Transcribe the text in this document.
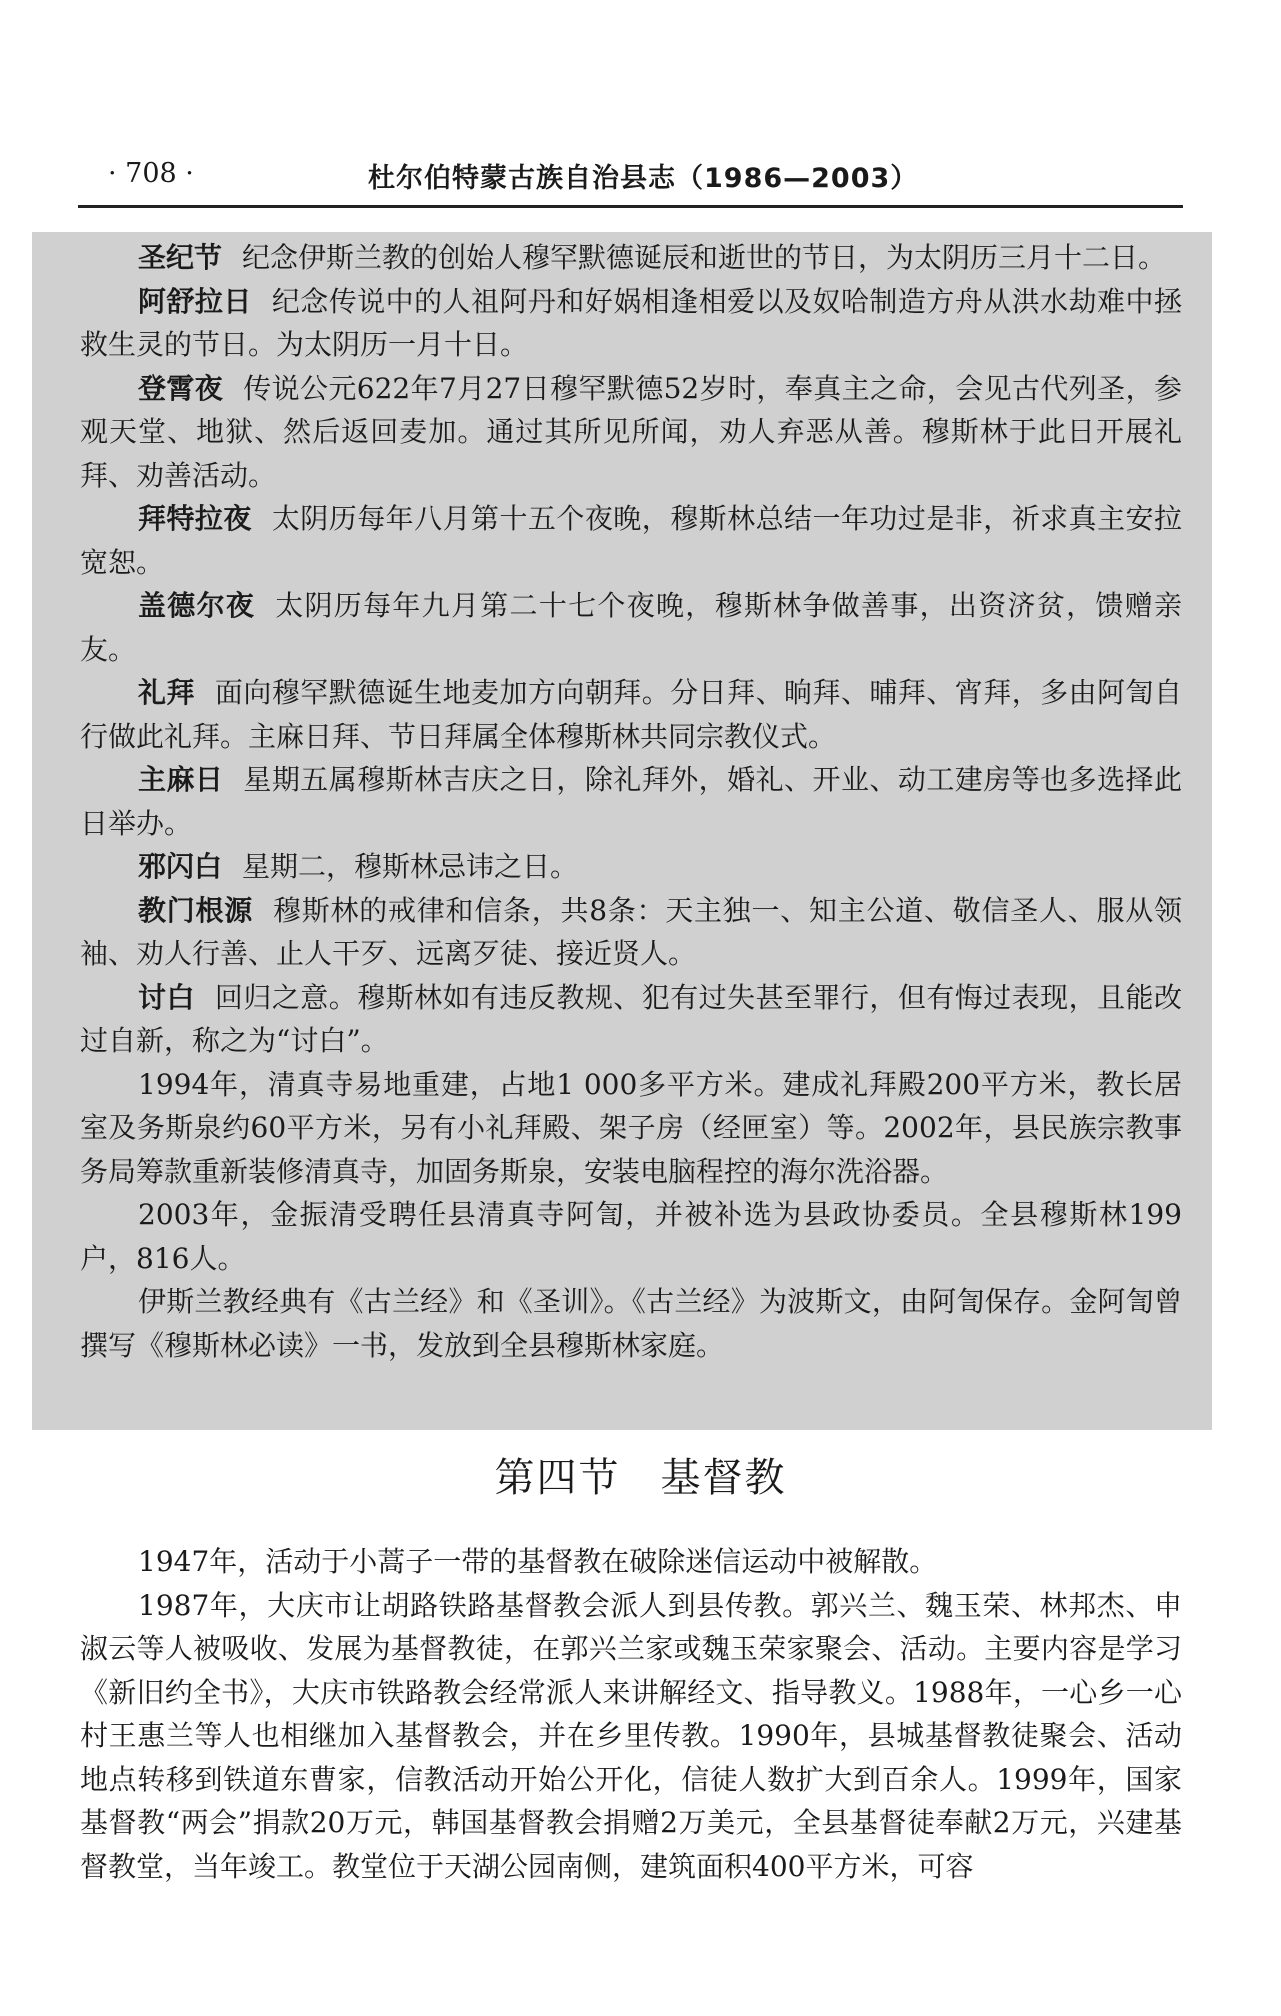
· 708 ·	杜尔伯特蒙古族自治县志（1986—2003）

圣纪节 纪念伊斯兰教的创始人穆罕默德诞辰和逝世的节日，为太阴历三月十二日。

阿舒拉日 纪念传说中的人祖阿丹和好娲相逢相爱以及奴哈制造方舟从洪水劫难中拯救生灵的节日。为太阴历一月十日。

登霄夜 传说公元622年7月27日穆罕默德52岁时，奉真主之命，会见古代列圣，参观天堂、地狱、然后返回麦加。通过其所见所闻，劝人弃恶从善。穆斯林于此日开展礼拜、劝善活动。

拜特拉夜 太阴历每年八月第十五个夜晚，穆斯林总结一年功过是非，祈求真主安拉宽恕。

盖德尔夜 太阴历每年九月第二十七个夜晚，穆斯林争做善事，出资济贫，馈赠亲友。

礼拜 面向穆罕默德诞生地麦加方向朝拜。分日拜、晌拜、晡拜、宵拜，多由阿訇自行做此礼拜。主麻日拜、节日拜属全体穆斯林共同宗教仪式。

主麻日 星期五属穆斯林吉庆之日，除礼拜外，婚礼、开业、动工建房等也多选择此日举办。

邪闪白 星期二，穆斯林忌讳之日。

教门根源 穆斯林的戒律和信条，共8条：天主独一、知主公道、敬信圣人、服从领袖、劝人行善、止人干歹、远离歹徒、接近贤人。

讨白 回归之意。穆斯林如有违反教规、犯有过失甚至罪行，但有悔过表现，且能改过自新，称之为“讨白”。

1994年，清真寺易地重建，占地1 000多平方米。建成礼拜殿200平方米，教长居室及务斯泉约60平方米，另有小礼拜殿、架子房（经匣室）等。2002年，县民族宗教事务局筹款重新装修清真寺，加固务斯泉，安装电脑程控的海尔洗浴器。

2003年，金振清受聘任县清真寺阿訇，并被补选为县政协委员。全县穆斯林199户，816人。

伊斯兰教经典有《古兰经》和《圣训》。《古兰经》为波斯文，由阿訇保存。金阿訇曾撰写《穆斯林必读》一书，发放到全县穆斯林家庭。

第四节 基督教

1947年，活动于小蒿子一带的基督教在破除迷信运动中被解散。

1987年，大庆市让胡路铁路基督教会派人到县传教。郭兴兰、魏玉荣、林邦杰、申淑云等人被吸收、发展为基督教徒，在郭兴兰家或魏玉荣家聚会、活动。主要内容是学习《新旧约全书》，大庆市铁路教会经常派人来讲解经文、指导教义。1988年，一心乡一心村王惠兰等人也相继加入基督教会，并在乡里传教。1990年，县城基督教徒聚会、活动地点转移到铁道东曹家，信教活动开始公开化，信徒人数扩大到百余人。1999年，国家基督教“两会”捐款20万元，韩国基督教会捐赠2万美元，全县基督徒奉献2万元，兴建基督教堂，当年竣工。教堂位于天湖公园南侧，建筑面积400平方米，可容
